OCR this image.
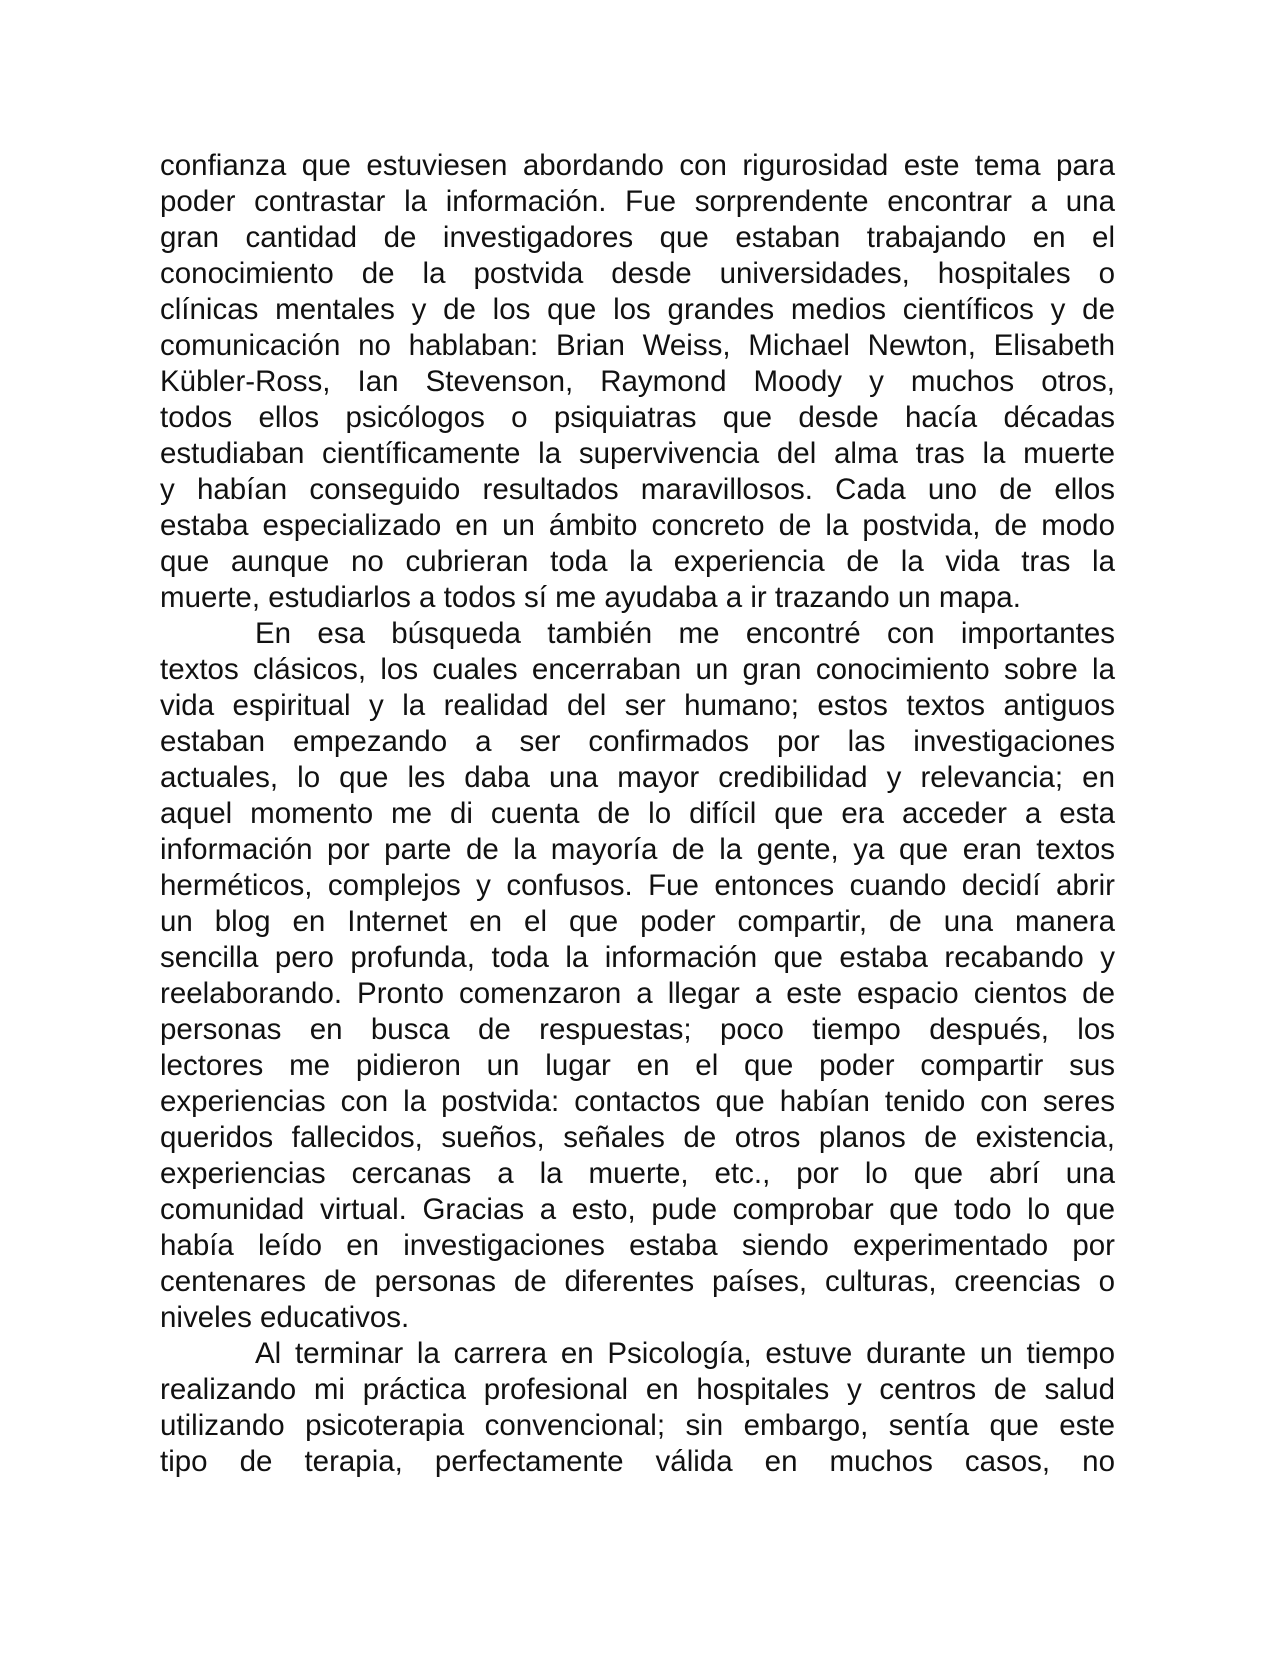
confianza que estuviesen abordando con rigurosidad este tema para
poder contrastar la información. Fue sorprendente encontrar a una
gran cantidad de investigadores que estaban trabajando en el
conocimiento de la postvida desde universidades, hospitales o
clínicas mentales y de los que los grandes medios científicos y de
comunicación no hablaban: Brian Weiss, Michael Newton, Elisabeth
Kübler-Ross, Ian Stevenson, Raymond Moody y muchos otros,
todos ellos psicólogos o psiquiatras que desde hacía décadas
estudiaban científicamente la supervivencia del alma tras la muerte
y habían conseguido resultados maravillosos. Cada uno de ellos
estaba especializado en un ámbito concreto de la postvida, de modo
que aunque no cubrieran toda la experiencia de la vida tras la
muerte, estudiarlos a todos sí me ayudaba a ir trazando un mapa.
En esa búsqueda también me encontré con importantes
textos clásicos, los cuales encerraban un gran conocimiento sobre la
vida espiritual y la realidad del ser humano; estos textos antiguos
estaban empezando a ser confirmados por las investigaciones
actuales, lo que les daba una mayor credibilidad y relevancia; en
aquel momento me di cuenta de lo difícil que era acceder a esta
información por parte de la mayoría de la gente, ya que eran textos
herméticos, complejos y confusos. Fue entonces cuando decidí abrir
un blog en Internet en el que poder compartir, de una manera
sencilla pero profunda, toda la información que estaba recabando y
reelaborando. Pronto comenzaron a llegar a este espacio cientos de
personas en busca de respuestas; poco tiempo después, los
lectores me pidieron un lugar en el que poder compartir sus
experiencias con la postvida: contactos que habían tenido con seres
queridos fallecidos, sueños, señales de otros planos de existencia,
experiencias cercanas a la muerte, etc., por lo que abrí una
comunidad virtual. Gracias a esto, pude comprobar que todo lo que
había leído en investigaciones estaba siendo experimentado por
centenares de personas de diferentes países, culturas, creencias o
niveles educativos.
Al terminar la carrera en Psicología, estuve durante un tiempo
realizando mi práctica profesional en hospitales y centros de salud
utilizando psicoterapia convencional; sin embargo, sentía que este
tipo de terapia, perfectamente válida en muchos casos, no
